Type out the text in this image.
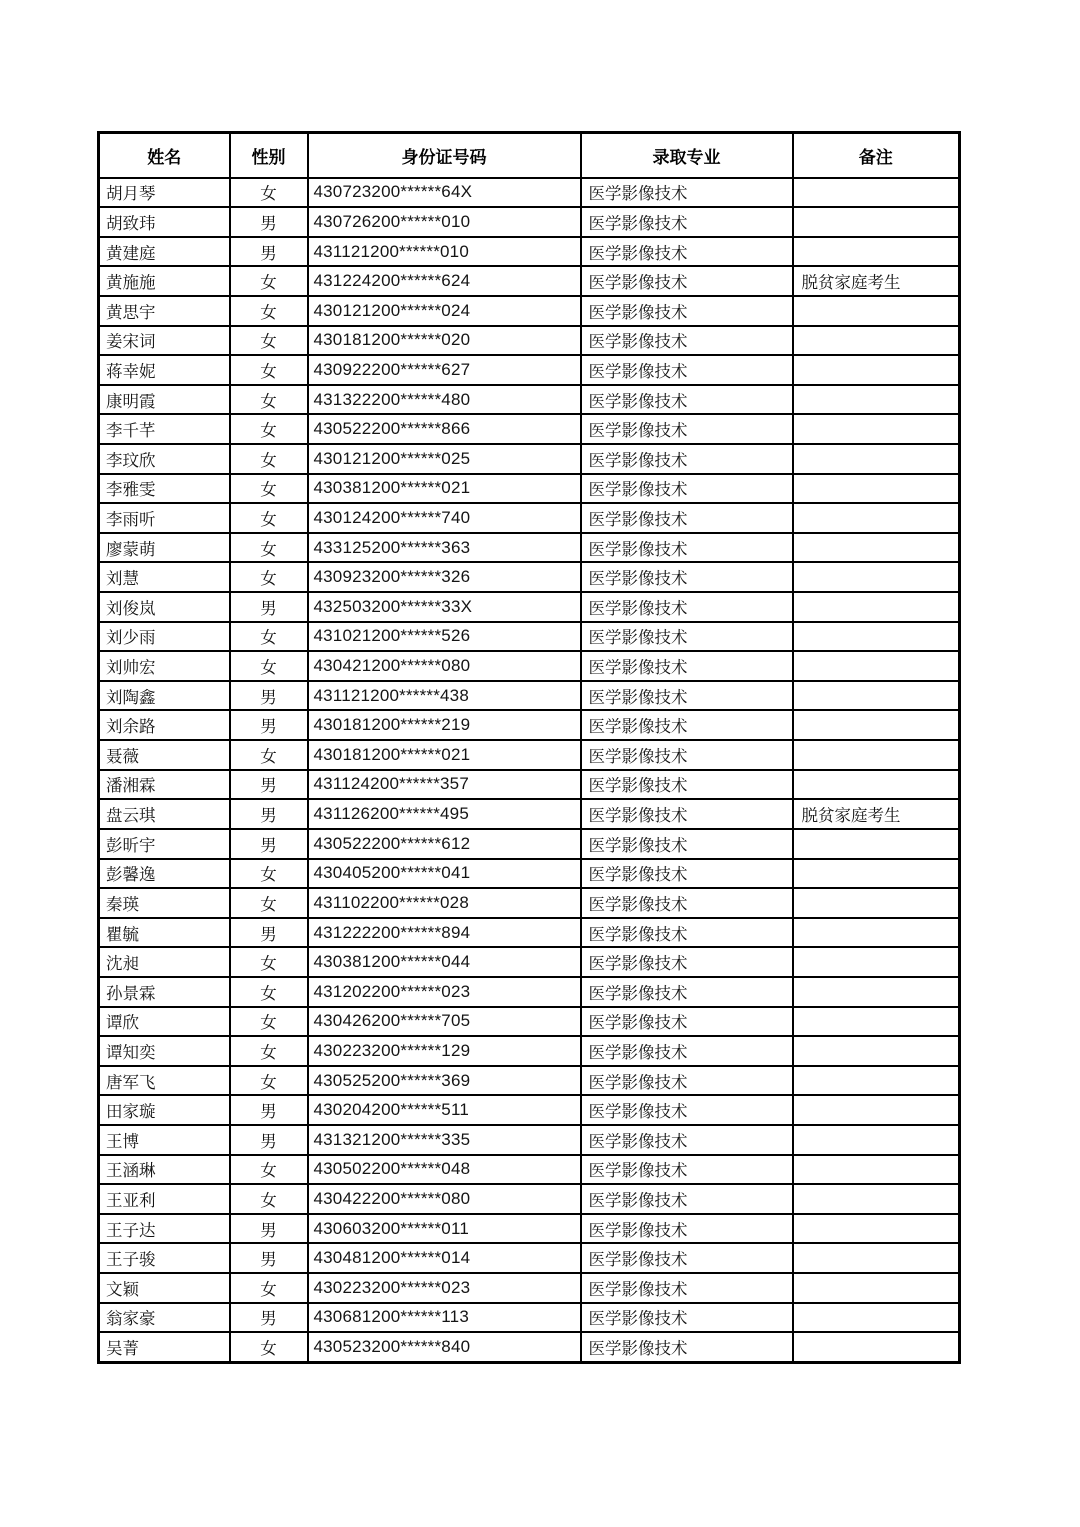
姓名	性别	身份证号码	录取专业	备注
胡月琴	女	430723200******64X	医学影像技术	
胡致玮	男	430726200******010	医学影像技术	
黄建庭	男	431121200******010	医学影像技术	
黄施施	女	431224200******624	医学影像技术	脱贫家庭考生
黄思宇	女	430121200******024	医学影像技术	
姜宋词	女	430181200******020	医学影像技术	
蒋幸妮	女	430922200******627	医学影像技术	
康明霞	女	431322200******480	医学影像技术	
李千芊	女	430522200******866	医学影像技术	
李玟欣	女	430121200******025	医学影像技术	
李雅雯	女	430381200******021	医学影像技术	
李雨听	女	430124200******740	医学影像技术	
廖蒙萌	女	433125200******363	医学影像技术	
刘慧	女	430923200******326	医学影像技术	
刘俊岚	男	432503200******33X	医学影像技术	
刘少雨	女	431021200******526	医学影像技术	
刘帅宏	女	430421200******080	医学影像技术	
刘陶鑫	男	431121200******438	医学影像技术	
刘余路	男	430181200******219	医学影像技术	
聂薇	女	430181200******021	医学影像技术	
潘湘霖	男	431124200******357	医学影像技术	
盘云琪	男	431126200******495	医学影像技术	脱贫家庭考生
彭昕宇	男	430522200******612	医学影像技术	
彭馨逸	女	430405200******041	医学影像技术	
秦瑛	女	431102200******028	医学影像技术	
瞿毓	男	431222200******894	医学影像技术	
沈昶	女	430381200******044	医学影像技术	
孙景霖	女	431202200******023	医学影像技术	
谭欣	女	430426200******705	医学影像技术	
谭知奕	女	430223200******129	医学影像技术	
唐军飞	女	430525200******369	医学影像技术	
田家璇	男	430204200******511	医学影像技术	
王博	男	431321200******335	医学影像技术	
王涵琳	女	430502200******048	医学影像技术	
王亚利	女	430422200******080	医学影像技术	
王子达	男	430603200******011	医学影像技术	
王子骏	男	430481200******014	医学影像技术	
文颖	女	430223200******023	医学影像技术	
翁家豪	男	430681200******113	医学影像技术	
吴菁	女	430523200******840	医学影像技术	
